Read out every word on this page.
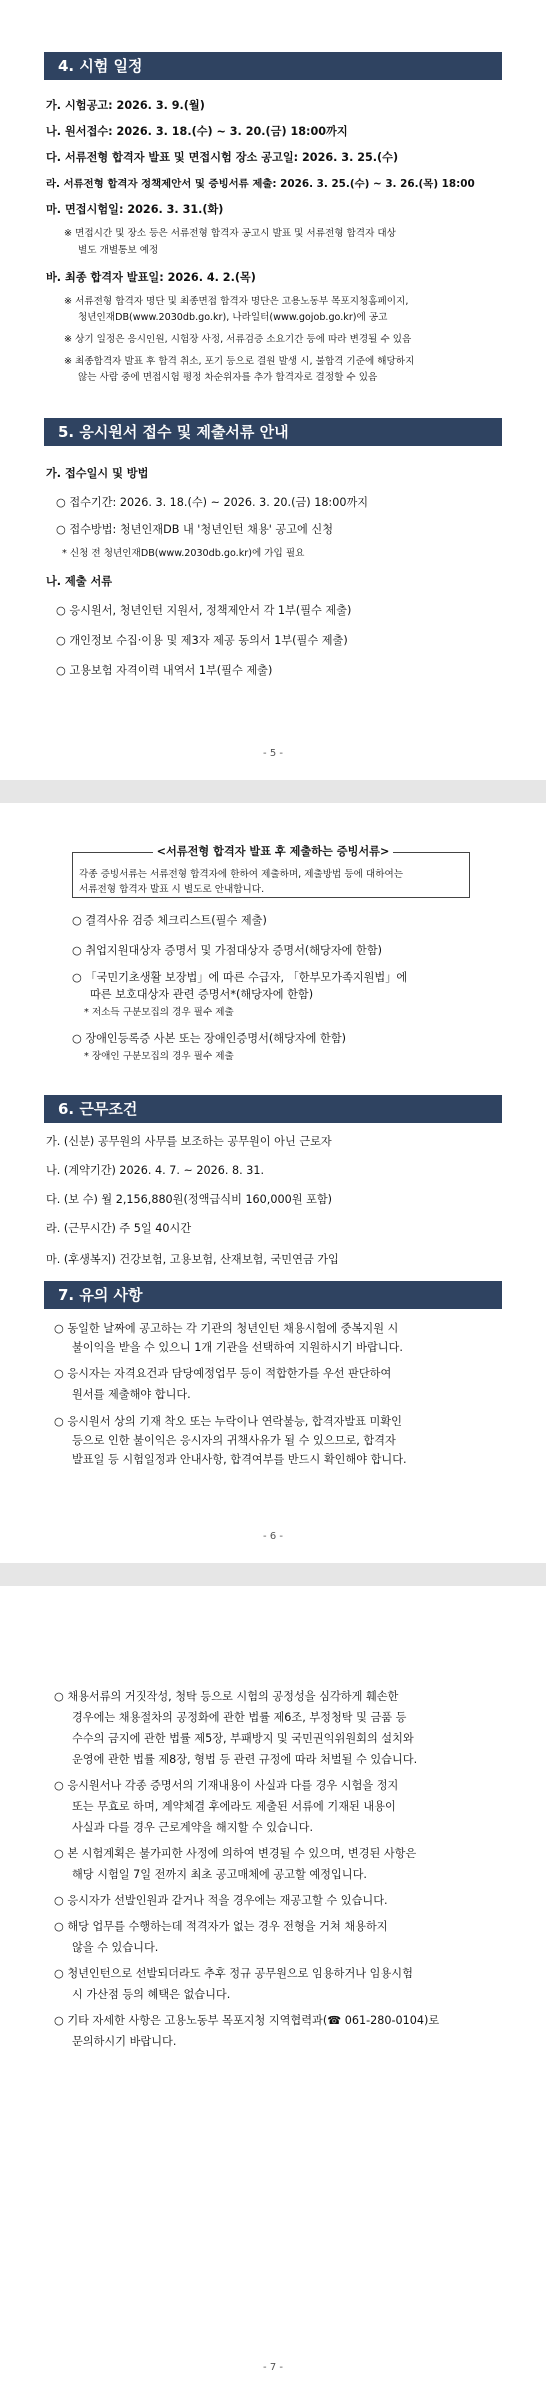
4. 시험 일정
가. 시험공고: 2026. 3. 9.(월)
나. 원서접수: 2026. 3. 18.(수) ~ 3. 20.(금) 18:00까지
다. 서류전형 합격자 발표 및 면접시험 장소 공고일: 2026. 3. 25.(수)
라. 서류전형 합격자 정책제안서 및 증빙서류 제출: 2026. 3. 25.(수) ~ 3. 26.(목) 18:00
마. 면접시험일: 2026. 3. 31.(화)
※ 면접시간 및 장소 등은 서류전형 합격자 공고시 발표 및 서류전형 합격자 대상
별도 개별통보 예정
바. 최종 합격자 발표일: 2026. 4. 2.(목)
※ 서류전형 합격자 명단 및 최종면접 합격자 명단은 고용노동부 목포지청홈페이지,
청년인재DB(www.2030db.go.kr), 나라일터(www.gojob.go.kr)에 공고
※ 상기 일정은 응시인원, 시험장 사정, 서류검증 소요기간 등에 따라 변경될 수 있음
※ 최종합격자 발표 후 합격 취소, 포기 등으로 결원 발생 시, 불합격 기준에 해당하지
않는 사람 중에 면접시험 평정 차순위자를 추가 합격자로 결정할 수 있음
5. 응시원서 접수 및 제출서류 안내
가. 접수일시 및 방법
○ 접수기간: 2026. 3. 18.(수) ~ 2026. 3. 20.(금) 18:00까지
○ 접수방법: 청년인재DB 내 '청년인턴 채용' 공고에 신청
* 신청 전 청년인재DB(www.2030db.go.kr)에 가입 필요
나. 제출 서류
○ 응시원서, 청년인턴 지원서, 정책제안서 각 1부(필수 제출)
○ 개인정보 수집·이용 및 제3자 제공 동의서 1부(필수 제출)
○ 고용보험 자격이력 내역서 1부(필수 제출)
- 5 -
각종 증빙서류는 서류전형 합격자에 한하여 제출하며, 제출방법 등에 대하여는
서류전형 합격자 발표 시 별도로 안내합니다.
<서류전형 합격자 발표 후 제출하는 증빙서류>
○ 결격사유 검증 체크리스트(필수 제출)
○ 취업지원대상자 증명서 및 가점대상자 증명서(해당자에 한함)
○ 「국민기초생활 보장법」에 따른 수급자, 「한부모가족지원법」에
따른 보호대상자 관련 증명서*(해당자에 한함)
* 저소득 구분모집의 경우 필수 제출
○ 장애인등록증 사본 또는 장애인증명서(해당자에 한함)
* 장애인 구분모집의 경우 필수 제출
6. 근무조건
가. (신분) 공무원의 사무를 보조하는 공무원이 아닌 근로자
나. (계약기간) 2026. 4. 7. ~ 2026. 8. 31.
다. (보 수) 월 2,156,880원(정액급식비 160,000원 포함)
라. (근무시간) 주 5일 40시간
마. (후생복지) 건강보험, 고용보험, 산재보험, 국민연금 가입
7. 유의 사항
○ 동일한 날짜에 공고하는 각 기관의 청년인턴 채용시험에 중복지원 시
불이익을 받을 수 있으니 1개 기관을 선택하여 지원하시기 바랍니다.
○ 응시자는 자격요건과 담당예정업무 등이 적합한가를 우선 판단하여
원서를 제출해야 합니다.
○ 응시원서 상의 기재 착오 또는 누락이나 연락불능, 합격자발표 미확인
등으로 인한 불이익은 응시자의 귀책사유가 될 수 있으므로, 합격자
발표일 등 시험일정과 안내사항, 합격여부를 반드시 확인해야 합니다.
- 6 -
○ 채용서류의 거짓작성, 청탁 등으로 시험의 공정성을 심각하게 훼손한
경우에는 채용절차의 공정화에 관한 법률 제6조, 부정청탁 및 금품 등
수수의 금지에 관한 법률 제5장, 부패방지 및 국민권익위원회의 설치와
운영에 관한 법률 제8장, 형법 등 관련 규정에 따라 처벌될 수 있습니다.
○ 응시원서나 각종 증명서의 기재내용이 사실과 다를 경우 시험을 정지
또는 무효로 하며, 계약체결 후에라도 제출된 서류에 기재된 내용이
사실과 다를 경우 근로계약을 해지할 수 있습니다.
○ 본 시험계획은 불가피한 사정에 의하여 변경될 수 있으며, 변경된 사항은
해당 시험일 7일 전까지 최초 공고매체에 공고할 예정입니다.
○ 응시자가 선발인원과 같거나 적을 경우에는 재공고할 수 있습니다.
○ 해당 업무를 수행하는데 적격자가 없는 경우 전형을 거쳐 채용하지
않을 수 있습니다.
○ 청년인턴으로 선발되더라도 추후 정규 공무원으로 임용하거나 임용시험
시 가산점 등의 혜택은 없습니다.
○ 기타 자세한 사항은 고용노동부 목포지청 지역협력과(☎ 061-280-0104)로
문의하시기 바랍니다.
- 7 -
